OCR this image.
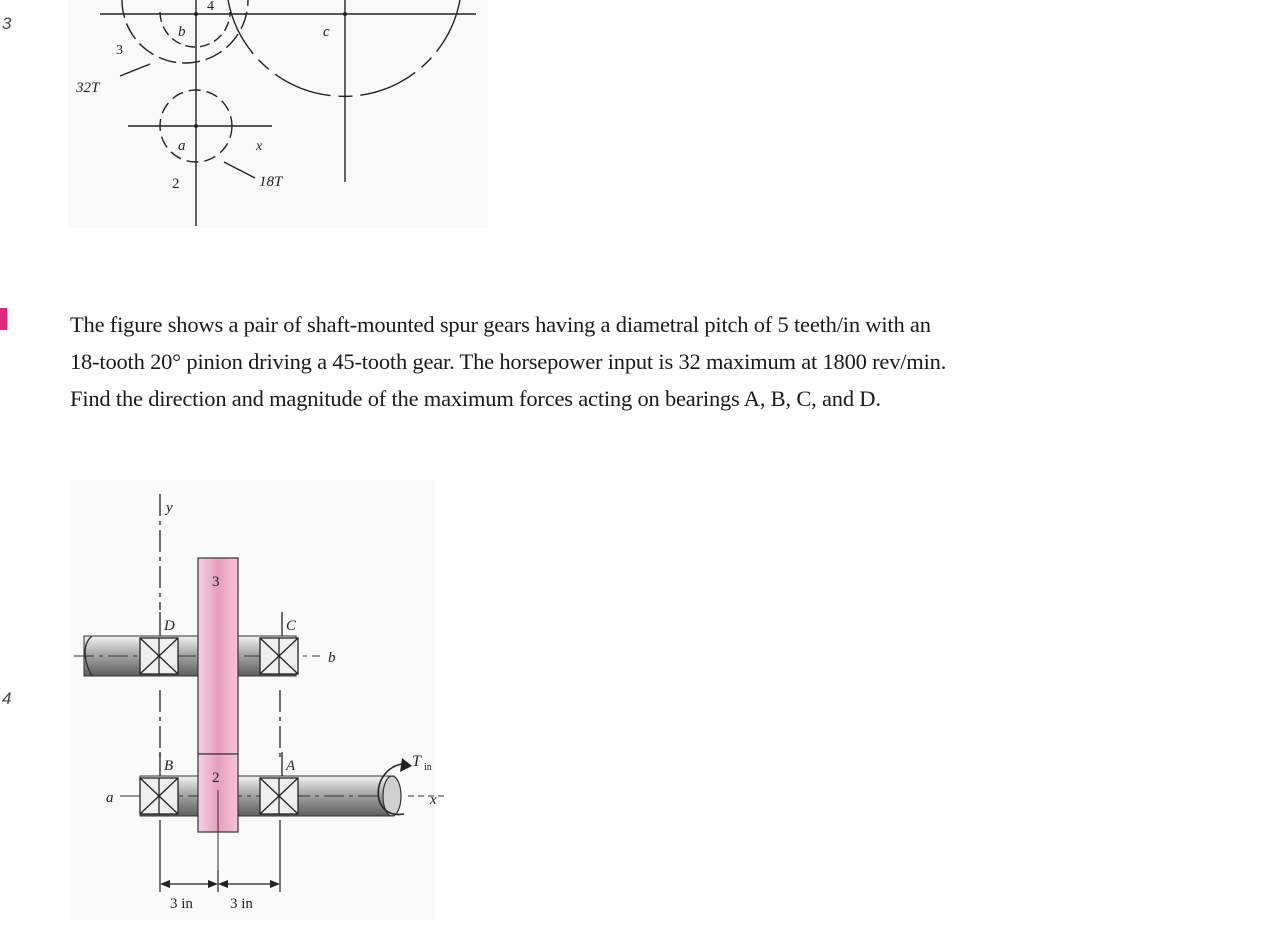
3
4
b
4
c
3
32T
a
2
x
18T

The figure shows a pair of shaft-mounted spur gears having a diametral pitch of 5 teeth/in with an

18-tooth 20° pinion driving a 45-tooth gear. The horsepower input is 32 maximum at 1800 rev/min.

Find the direction and magnitude of the maximum forces acting on bearings A, B, C, and D.

y
b
a	x
3
2
D	C
B	A	T in
3 in 3 in
